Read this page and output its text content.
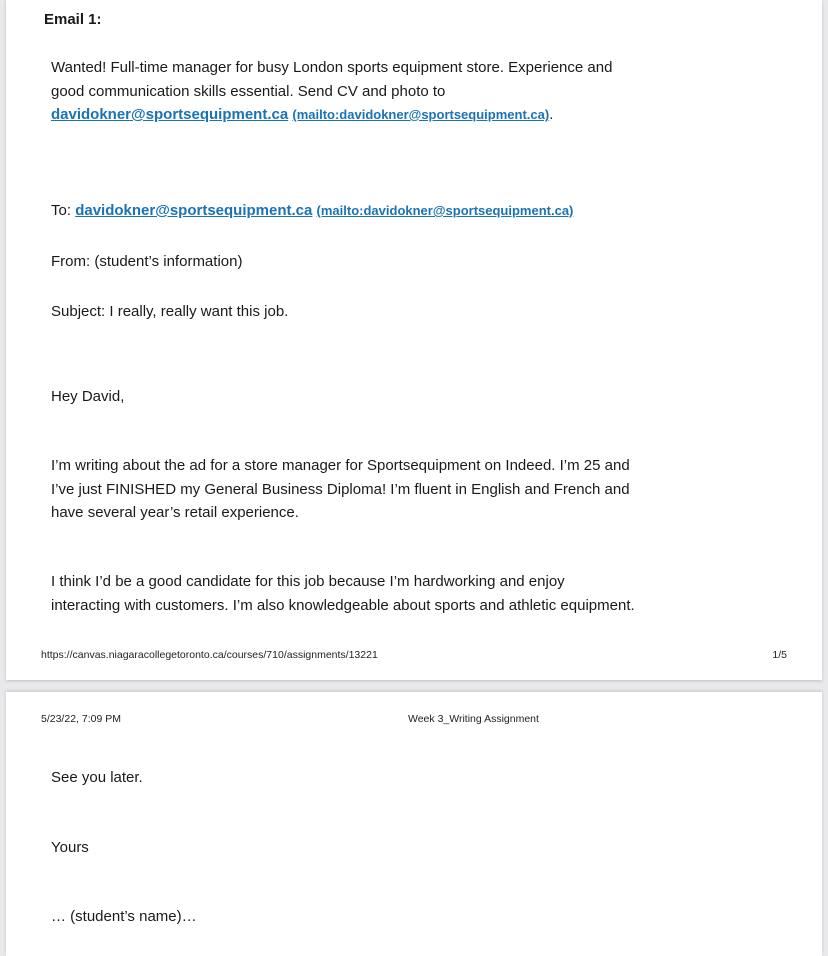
Email 1:
Wanted! Full-time manager for busy London sports equipment store. Experience and
good communication skills essential. Send CV and photo to
davidokner@sportsequipment.ca (mailto:davidokner@sportsequipment.ca).
To: davidokner@sportsequipment.ca (mailto:davidokner@sportsequipment.ca)
From: (student’s information)
Subject: I really, really want this job.
Hey David,
I’m writing about the ad for a store manager for Sportsequipment on Indeed. I’m 25 and
I’ve just FINISHED my General Business Diploma! I’m fluent in English and French and
have several year’s retail experience.
I think I’d be a good candidate for this job because I’m hardworking and enjoy
interacting with customers. I’m also knowledgeable about sports and athletic equipment.
https://canvas.niagaracollegetoronto.ca/courses/710/assignments/13221	1/5
5/23/22, 7:09 PM	Week 3_Writing Assignment
See you later.
Yours
… (student’s name)…
